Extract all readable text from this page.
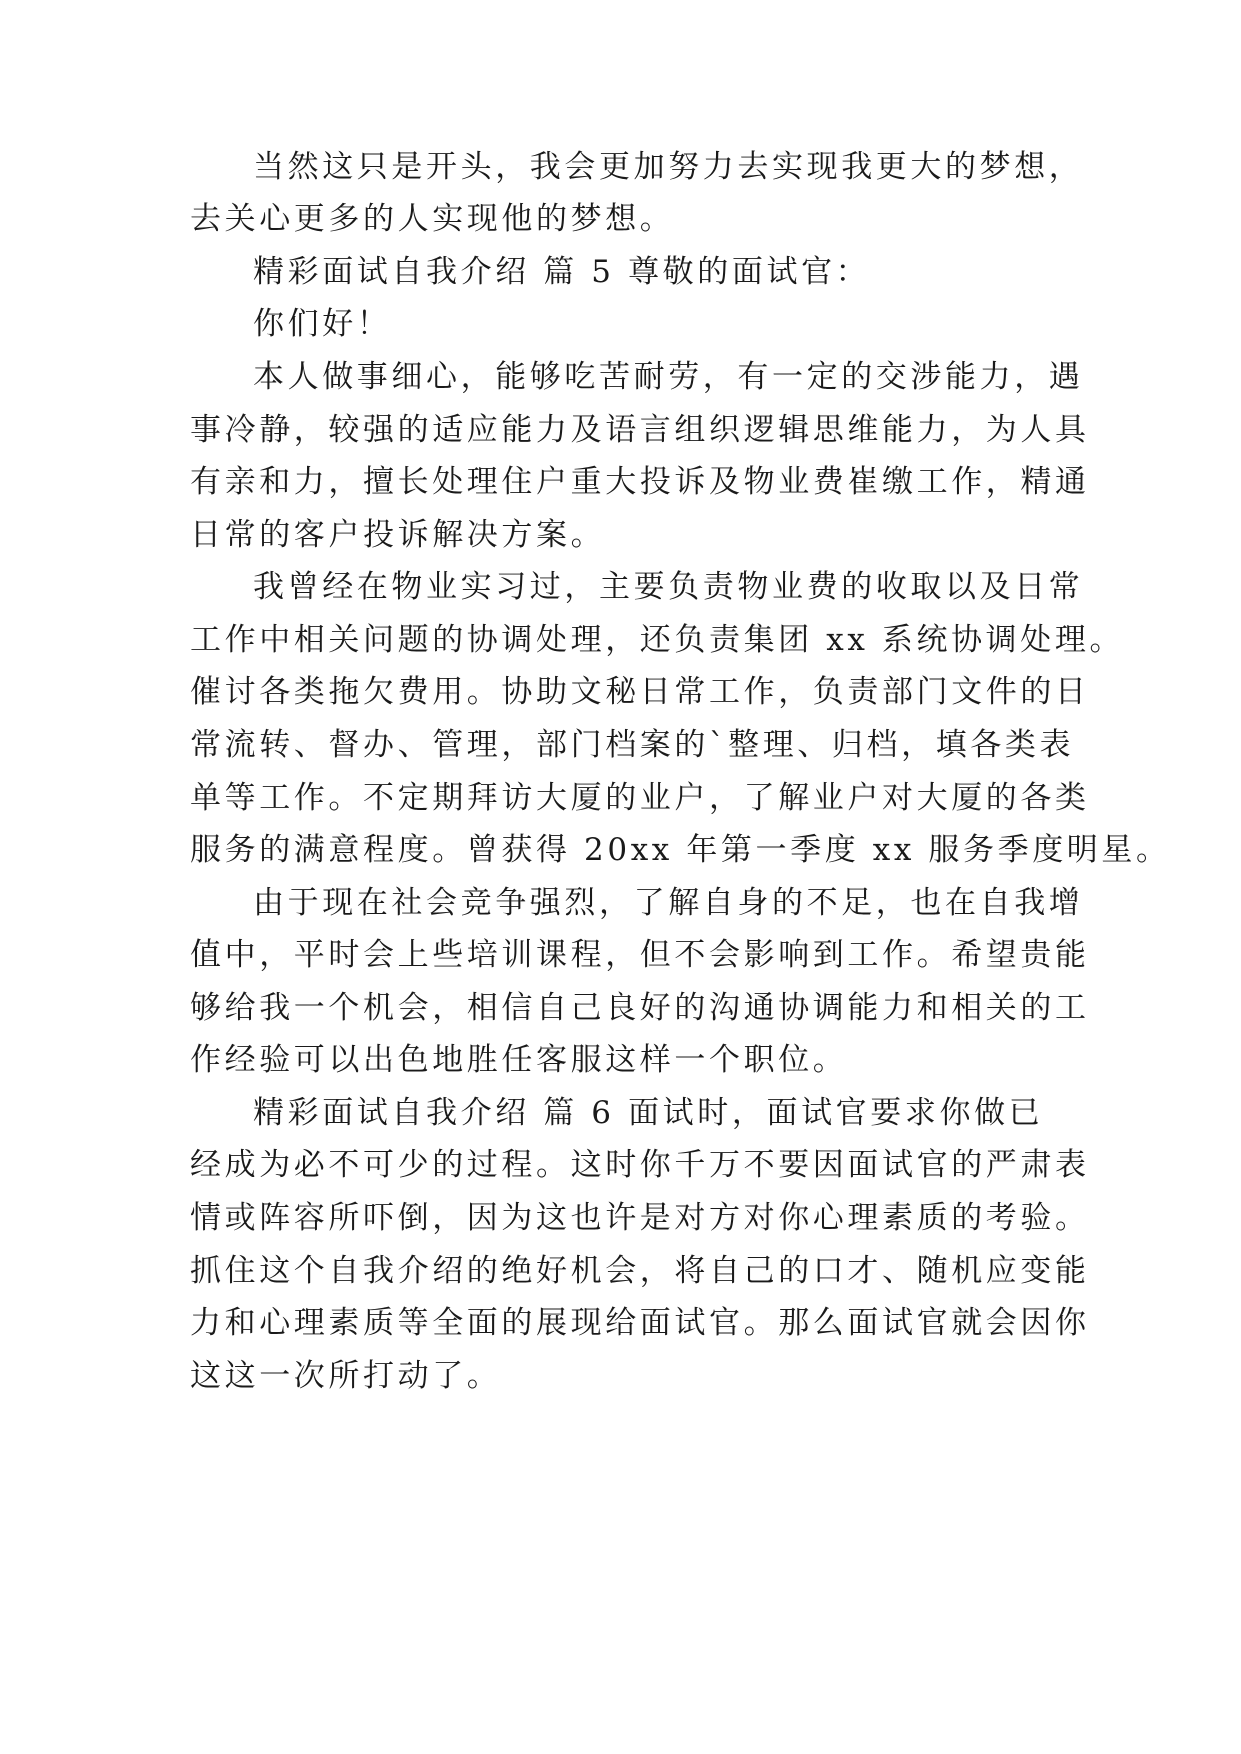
当然这只是开头，我会更加努力去实现我更大的梦想，
去关心更多的人实现他的梦想。
精彩面试自我介绍 篇 5 尊敬的面试官：
你们好！
本人做事细心，能够吃苦耐劳，有一定的交涉能力，遇
事冷静，较强的适应能力及语言组织逻辑思维能力，为人具
有亲和力，擅长处理住户重大投诉及物业费崔缴工作，精通
日常的客户投诉解决方案。
我曾经在物业实习过，主要负责物业费的收取以及日常
工作中相关问题的协调处理，还负责集团 xx 系统协调处理。
催讨各类拖欠费用。协助文秘日常工作，负责部门文件的日
常流转、督办、管理，部门档案的`整理、归档，填各类表
单等工作。不定期拜访大厦的业户，了解业户对大厦的各类
服务的满意程度。曾获得 20xx 年第一季度 xx 服务季度明星。
由于现在社会竞争强烈，了解自身的不足，也在自我增
值中，平时会上些培训课程，但不会影响到工作。希望贵能
够给我一个机会，相信自己良好的沟通协调能力和相关的工
作经验可以出色地胜任客服这样一个职位。
精彩面试自我介绍 篇 6 面试时，面试官要求你做已
经成为必不可少的过程。这时你千万不要因面试官的严肃表
情或阵容所吓倒，因为这也许是对方对你心理素质的考验。
抓住这个自我介绍的绝好机会，将自己的口才、随机应变能
力和心理素质等全面的展现给面试官。那么面试官就会因你
这这一次所打动了。
